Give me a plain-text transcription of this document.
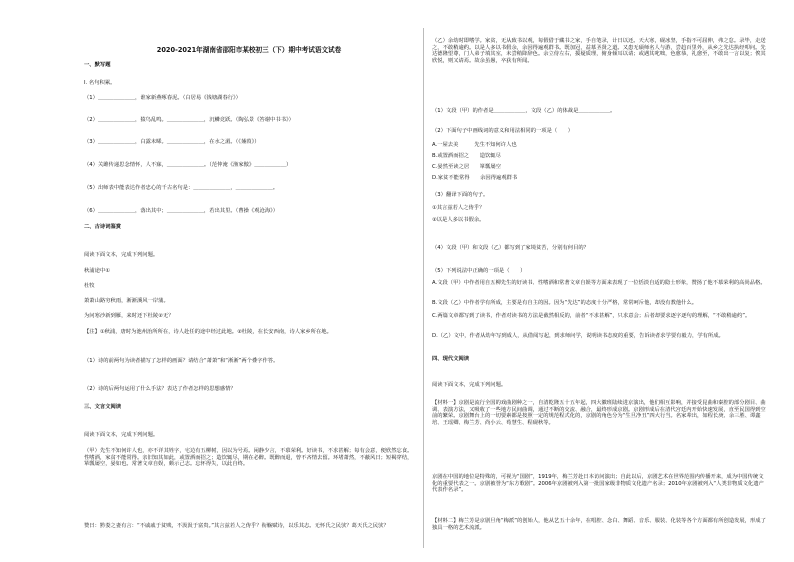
2020-2021年湖南省邵阳市某校初三（下）期中考试语文试卷
一、默写题
I. 名句积累。
（1）＿＿＿＿＿＿＿，谁家新燕啄春泥。（白居易《钱塘湖春行》）
（2）＿＿＿＿＿＿＿，猿鸟乱鸣。＿＿＿＿＿＿＿，沉鳞竞跃。（陶弘景《答谢中书书》）
（3）＿＿＿＿＿＿＿，白露未晞。＿＿＿＿＿＿＿，在水之湄。（《蒹葭》）
（4）关雎传递思念情怀，人不寐，＿＿＿＿＿＿＿。（范仲淹《渔家傲》＿＿＿＿＿＿）
（5）出师表中能表达作者忠心的千古名句是：＿＿＿＿＿＿＿，＿＿＿＿＿＿＿。
（6）＿＿＿＿＿＿＿，落出其中；＿＿＿＿＿＿＿，若出其里。（曹操《观沧海》）
二、古诗词鉴赏
阅读下面文本，完成下列问题。
秋浦途中①
杜牧
萧萧山路穷秋雨，淅淅溪风一岸蒲。
为问寒沙新到雁，来时还下杜陵②无？
【注】①秋浦，唐时为池州治所所在，诗人赴任的途中经过此地。②杜陵，在长安西南，诗人家乡所在地。
（1）诗的前两句为读者描写了怎样的画面？请结合“萧萧”和“淅淅”两个叠字作答。
（2）诗的后两句运用了什么手法？表达了作者怎样的思想感情？
三、文言文阅读
阅读下面文本，完成下列问题。
（甲）先生不知何许人也，亦不详其姓字，宅边有五柳树，因以为号焉。闲静少言，不慕荣利。好读书，不求甚解；每有会意，便欣然忘食。性嗜酒，家贫不能常得。亲旧知其如此，或置酒而招之；造饮辄尽，期在必醉。既醉而退，曾不吝情去留。环堵萧然，不蔽风日；短褐穿结，箪瓢屡空，晏如也。常著文章自娱，颇示己志。忘怀得失，以此自终。
赞曰：黔娄之妻有言：“不戚戚于贫贱，不汲汲于富贵。”其言兹若人之俦乎？衔觞赋诗，以乐其志。无怀氏之民欤？葛天氏之民欤？
（乙）余幼时即嗜学。家贫，无从致书以观，每假借于藏书之家，手自笔录，计日以还。天大寒，砚冰坚，手指不可屈伸，弗之怠。录毕，走送之，不敢稍逾约。以是人多以书假余，余因得遍观群书。既加冠，益慕圣贤之道。又患无硕师名人与游，尝趋百里外，从乡之先达执经叩问。先达德隆望尊，门人弟子填其室，未尝稍降辞色。余立侍左右，援疑质理，俯身倾耳以请；或遇其叱咄，色愈恭，礼愈至，不敢出一言以复；俟其欣悦，则又请焉。故余虽愚，卒获有所闻。
（1）文段（甲）的作者是＿＿＿＿＿＿，文段（乙）的体裁是＿＿＿＿＿＿。
（2）下面句子中画线词的意义和用法相同的一项是（　　）
A.一屋去美　　　先生不知何许人也
B.或置酒而招之　　造饮辄尽
C.晏然至读之居　　箪瓢屡空
D.家贫不能常得　　余因得遍观群书
（3）翻译下面的句子。
①其言兹若人之俦乎？
②以是人多以书假余。
（4）文段（甲）和文段（乙）都写到了家境贫苦，分别有何目的？
（5）下列说法中正确的一项是（　　）
A.文段（甲）中作者用自五柳先生的好读书、性嗜酒和常著文章自娱等方面来表现了一位恬淡自适的隐士形象，赞扬了他不慕荣利的高尚品格。
B.文段（乙）中作者学有所成，主要是有自主的因。因为“先达”的态度十分严格，常常呵斥他，却没有教他什么。
C.两篇文章都写到了读书，作者对读书的方法是截然相反的，前者“不求甚解”，只求意会；后者却要求逐字逐句的理解，“不敢稍逾约”。
D.（乙）文中，作者从幼年写到成人，从借阅写起，到求师问学，说明读书态度的重要，告诉读者求学要有毅力，学有所成。
四、现代文阅读
阅读下面文本，完成下列问题。
【材料一】京剧是流行全国的戏曲剧种之一，自清乾隆五十五年起，四大徽班陆续进京演出，他们相互影响，并接受昆曲和秦腔的部分剧目、曲调、表演方法，又吸收了一些地方民间曲调，通过不断的交流、融合，最终形成京剧。京剧形成后在清代宫廷内开始快速发展，直至民国得到空前的繁荣。京剧舞台上的一切要素都是按照一定的规范程式化的，京剧的角色分为“生旦净丑”四大行当。名家辈出，如程长庚、余三胜、谭鑫培、王瑶卿、梅兰芳、尚小云、荀慧生、程砚秋等。
京剧在中国的地位是特殊的，可视为“国剧”，1919年，梅兰芳赴日本访问演出；自此以后，京剧艺术在世界范围内传播开来，成为中国传统文化的重要代表之一。京剧被誉为“东方歌剧”。2006年京剧被列入第一批国家级非物质文化遗产名录；2010年京剧被列入“人类非物质文化遗产代表作名录”。
【材料二】梅兰芳是京剧旦角“梅派”的创始人，他从艺五十余年，在唱腔、念白、舞蹈、音乐、服装、化装等各个方面都有所创造发展，形成了独具一格的艺术流派。
